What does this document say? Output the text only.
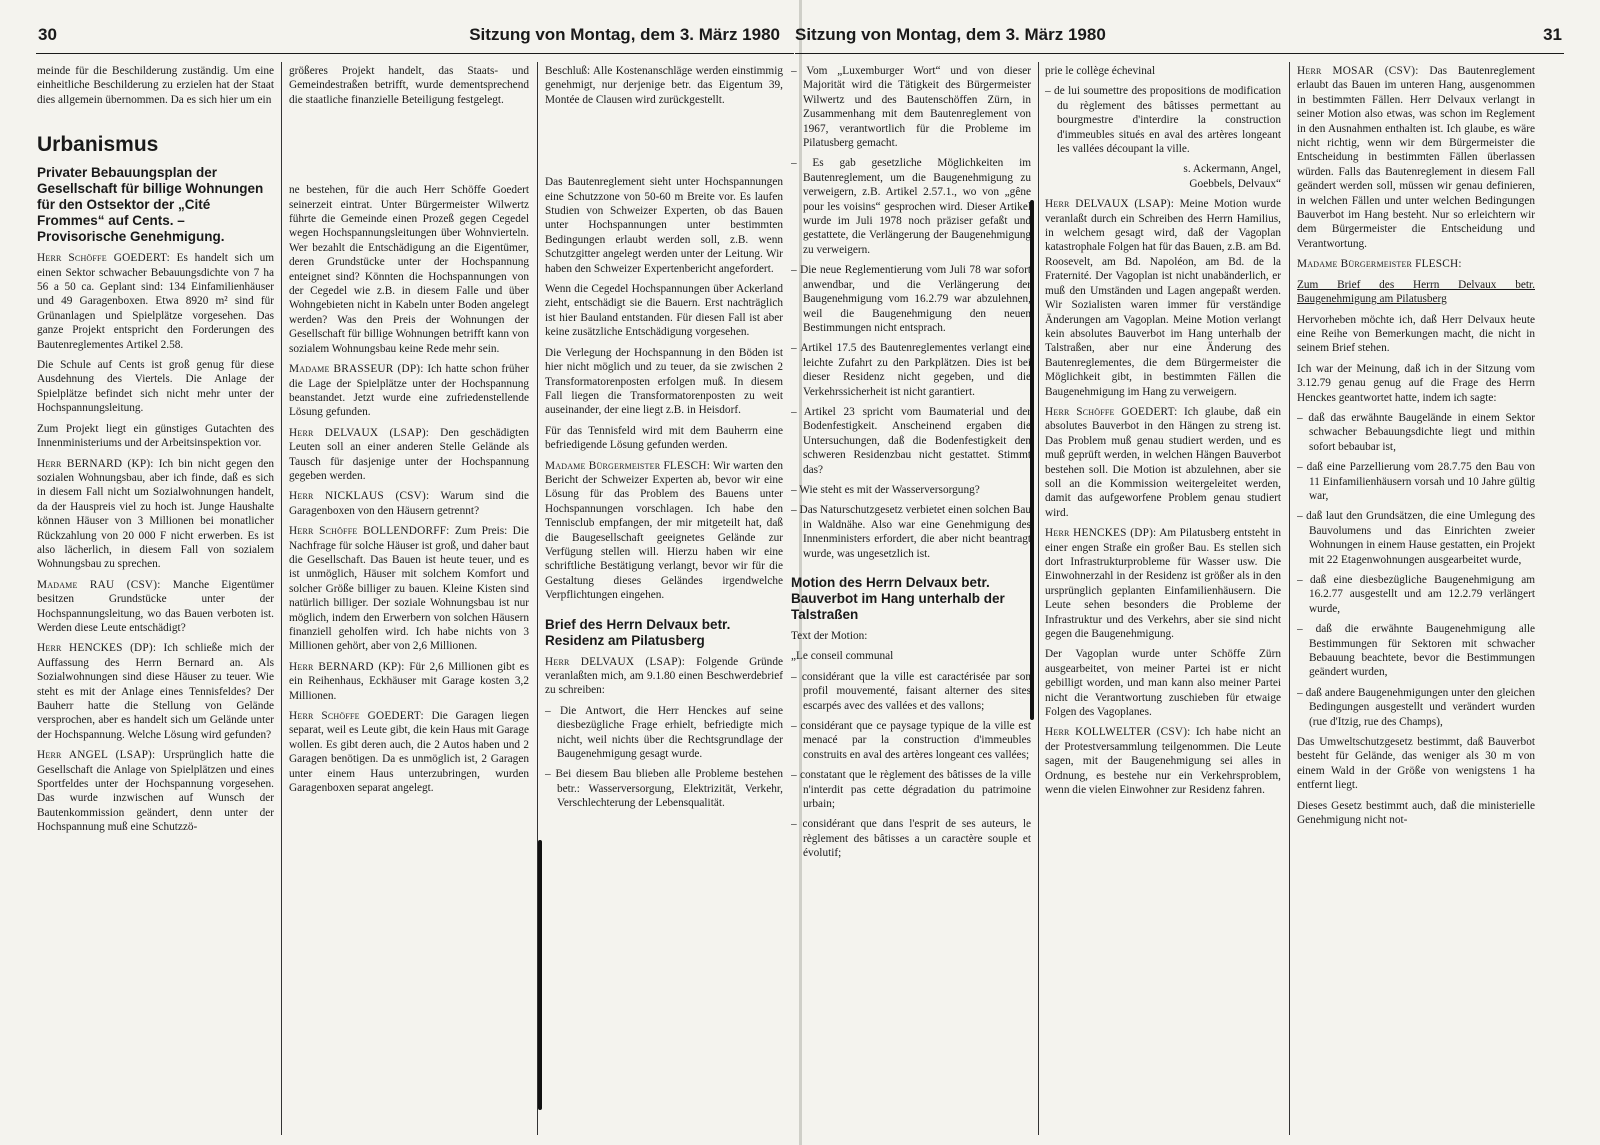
30	Sitzung von Montag, dem 3. März 1980

meinde für die Beschilderung zuständig. Um eine einheitliche Beschilderung zu erzielen hat der Staat dies allgemein übernommen. Da es sich hier um ein

Urbanismus
Privater Bebauungsplan der Gesellschaft für billige Wohnungen für den Ostsektor der „Cité Frommes“ auf Cents. – Provisorische Genehmigung.

Herr Schöffe GOEDERT: Es handelt sich um einen Sektor schwacher Bebauungsdichte von 7 ha 56 a 50 ca. Geplant sind: 134 Einfamilienhäuser und 49 Garagenboxen. Etwa 8920 m² sind für Grünanlagen und Spielplätze vorgesehen. Das ganze Projekt entspricht den Forderungen des Bautenreglementes Artikel 2.58.

Die Schule auf Cents ist groß genug für diese Ausdehnung des Viertels. Die Anlage der Spielplätze befindet sich nicht mehr unter der Hochspannungsleitung.

Zum Projekt liegt ein günstiges Gutachten des Innenministeriums und der Arbeitsinspektion vor.

Herr BERNARD (KP): Ich bin nicht gegen den sozialen Wohnungsbau, aber ich finde, daß es sich in diesem Fall nicht um Sozialwohnungen handelt, da der Hauspreis viel zu hoch ist. Junge Haushalte können Häuser von 3 Millionen bei monatlicher Rückzahlung von 20 000 F nicht erwerben. Es ist also lächerlich, in diesem Fall von sozialem Wohnungsbau zu sprechen.

Madame RAU (CSV): Manche Eigentümer besitzen Grundstücke unter der Hochspannungsleitung, wo das Bauen verboten ist. Werden diese Leute entschädigt?

Herr HENCKES (DP): Ich schließe mich der Auffassung des Herrn Bernard an. Als Sozialwohnungen sind diese Häuser zu teuer. Wie steht es mit der Anlage eines Tennisfeldes? Der Bauherr hatte die Stellung von Gelände versprochen, aber es handelt sich um Gelände unter der Hochspannung. Welche Lösung wird gefunden?

Herr ANGEL (LSAP): Ursprünglich hatte die Gesellschaft die Anlage von Spielplätzen und eines Sportfeldes unter der Hochspannung vorgesehen. Das wurde inzwischen auf Wunsch der Bautenkommission geändert, denn unter der Hochspannung muß eine Schutzzö-

größeres Projekt handelt, das Staats- und Gemeindestraßen betrifft, wurde dementsprechend die staatliche finanzielle Beteiligung festgelegt.

ne bestehen, für die auch Herr Schöffe Goedert seinerzeit eintrat. Unter Bürgermeister Wilwertz führte die Gemeinde einen Prozeß gegen Cegedel wegen Hochspannungsleitungen über Wohnvierteln. Wer bezahlt die Entschädigung an die Eigentümer, deren Grundstücke unter der Hochspannung enteignet sind? Könnten die Hochspannungen von der Cegedel wie z.B. in diesem Falle und über Wohngebieten nicht in Kabeln unter Boden angelegt werden? Was den Preis der Wohnungen der Gesellschaft für billige Wohnungen betrifft kann von sozialem Wohnungsbau keine Rede mehr sein.

Madame BRASSEUR (DP): Ich hatte schon früher die Lage der Spielplätze unter der Hochspannung beanstandet. Jetzt wurde eine zufriedenstellende Lösung gefunden.

Herr DELVAUX (LSAP): Den geschädigten Leuten soll an einer anderen Stelle Gelände als Tausch für dasjenige unter der Hochspannung gegeben werden.

Herr NICKLAUS (CSV): Warum sind die Garagenboxen von den Häusern getrennt?

Herr Schöffe BOLLENDORFF: Zum Preis: Die Nachfrage für solche Häuser ist groß, und daher baut die Gesellschaft. Das Bauen ist heute teuer, und es ist unmöglich, Häuser mit solchem Komfort und solcher Größe billiger zu bauen. Kleine Kisten sind natürlich billiger. Der soziale Wohnungsbau ist nur möglich, indem den Erwerbern von solchen Häusern finanziell geholfen wird. Ich habe nichts von 3 Millionen gehört, aber von 2,6 Millionen.

Herr BERNARD (KP): Für 2,6 Millionen gibt es ein Reihenhaus, Eckhäuser mit Garage kosten 3,2 Millionen.

Herr Schöffe GOEDERT: Die Garagen liegen separat, weil es Leute gibt, die kein Haus mit Garage wollen. Es gibt deren auch, die 2 Autos haben und 2 Garagen benötigen. Da es unmöglich ist, 2 Garagen unter einem Haus unterzubringen, wurden Garagenboxen separat angelegt.

Beschluß: Alle Kostenanschläge werden einstimmig genehmigt, nur derjenige betr. das Eigentum 39, Montée de Clausen wird zurückgestellt.

Das Bautenreglement sieht unter Hochspannungen eine Schutzzone von 50-60 m Breite vor. Es laufen Studien von Schweizer Experten, ob das Bauen unter Hochspannungen unter bestimmten Bedingungen erlaubt werden soll, z.B. wenn Schutzgitter angelegt werden unter der Leitung. Wir haben den Schweizer Expertenbericht angefordert.

Wenn die Cegedel Hochspannungen über Ackerland zieht, entschädigt sie die Bauern. Erst nachträglich ist hier Bauland entstanden. Für diesen Fall ist aber keine zusätzliche Entschädigung vorgesehen.

Die Verlegung der Hochspannung in den Böden ist hier nicht möglich und zu teuer, da sie zwischen 2 Transformatorenposten erfolgen muß. In diesem Fall liegen die Transformatorenposten zu weit auseinander, der eine liegt z.B. in Heisdorf.

Für das Tennisfeld wird mit dem Bauherrn eine befriedigende Lösung gefunden werden.

Madame Bürgermeister FLESCH: Wir warten den Bericht der Schweizer Experten ab, bevor wir eine Lösung für das Problem des Bauens unter Hochspannungen vorschlagen. Ich habe den Tennisclub empfangen, der mir mitgeteilt hat, daß die Baugesellschaft geeignetes Gelände zur Verfügung stellen will. Hierzu haben wir eine schriftliche Bestätigung verlangt, bevor wir für die Gestaltung dieses Geländes irgendwelche Verpflichtungen eingehen.

Brief des Herrn Delvaux betr. Residenz am Pilatusberg

Herr DELVAUX (LSAP): Folgende Gründe veranlaßten mich, am 9.1.80 einen Beschwerdebrief zu schreiben:

– Die Antwort, die Herr Henckes auf seine diesbezügliche Frage erhielt, befriedigte mich nicht, weil nichts über die Rechtsgrundlage der Baugenehmigung gesagt wurde.

– Bei diesem Bau blieben alle Probleme bestehen betr.: Wasserversorgung, Elektrizität, Verkehr, Verschlechterung der Lebensqualität.

Sitzung von Montag, dem 3. März 1980	31

– Vom „Luxemburger Wort“ und von dieser Majorität wird die Tätigkeit des Bürgermeister Wilwertz und des Bautenschöffen Zürn, in Zusammenhang mit dem Bautenreglement von 1967, verantwortlich für die Probleme im Pilatusberg gemacht.

– Es gab gesetzliche Möglichkeiten im Bautenreglement, um die Baugenehmigung zu verweigern, z.B. Artikel 2.57.1., wo von „gêne pour les voisins“ gesprochen wird. Dieser Artikel wurde im Juli 1978 noch präziser gefaßt und gestattete, die Verlängerung der Baugenehmigung zu verweigern.

– Die neue Reglementierung vom Juli 78 war sofort anwendbar, und die Verlängerung der Baugenehmigung vom 16.2.79 war abzulehnen, weil die Baugenehmigung den neuen Bestimmungen nicht entsprach.

– Artikel 17.5 des Bautenreglementes verlangt eine leichte Zufahrt zu den Parkplätzen. Dies ist bei dieser Residenz nicht gegeben, und die Verkehrssicherheit ist nicht garantiert.

– Artikel 23 spricht vom Baumaterial und der Bodenfestigkeit. Anscheinend ergaben die Untersuchungen, daß die Bodenfestigkeit den schweren Residenzbau nicht gestattet. Stimmt das?

– Wie steht es mit der Wasserversorgung?

– Das Naturschutzgesetz verbietet einen solchen Bau in Waldnähe. Also war eine Genehmigung des Innenministers erfordert, die aber nicht beantragt wurde, was ungesetzlich ist.

Motion des Herrn Delvaux betr. Bauverbot im Hang unterhalb der Talstraßen

Text der Motion:

„Le conseil communal

– considérant que la ville est caractérisée par son profil mouvementé, faisant alterner des sites escarpés avec des vallées et des vallons;

– considérant que ce paysage typique de la ville est menacé par la construction d'immeubles construits en aval des artères longeant ces vallées;

– constatant que le règlement des bâtisses de la ville n'interdit pas cette dégradation du patrimoine urbain;

– considérant que dans l'esprit de ses auteurs, le règlement des bâtisses a un caractère souple et évolutif;

prie le collège échevinal

– de lui soumettre des propositions de modification du règlement des bâtisses permettant au bourgmestre d'interdire la construction d'immeubles situés en aval des artères longeant les vallées découpant la ville.

s. Ackermann, Angel,

Goebbels, Delvaux“

Herr DELVAUX (LSAP): Meine Motion wurde veranlaßt durch ein Schreiben des Herrn Hamilius, in welchem gesagt wird, daß der Vagoplan katastrophale Folgen hat für das Bauen, z.B. am Bd. Roosevelt, am Bd. Napoléon, am Bd. de la Fraternité. Der Vagoplan ist nicht unabänderlich, er muß den Umständen und Lagen angepaßt werden. Wir Sozialisten waren immer für verständige Änderungen am Vagoplan. Meine Motion verlangt kein absolutes Bauverbot im Hang unterhalb der Talstraßen, aber nur eine Änderung des Bautenreglementes, die dem Bürgermeister die Möglichkeit gibt, in bestimmten Fällen die Baugenehmigung im Hang zu verweigern.

Herr Schöffe GOEDERT: Ich glaube, daß ein absolutes Bauverbot in den Hängen zu streng ist. Das Problem muß genau studiert werden, und es muß geprüft werden, in welchen Hängen Bauverbot bestehen soll. Die Motion ist abzulehnen, aber sie soll an die Kommission weitergeleitet werden, damit das aufgeworfene Problem genau studiert wird.

Herr HENCKES (DP): Am Pilatusberg entsteht in einer engen Straße ein großer Bau. Es stellen sich dort Infrastrukturprobleme für Wasser usw. Die Einwohnerzahl in der Residenz ist größer als in den ursprünglich geplanten Einfamilienhäusern. Die Leute sehen besonders die Probleme der Infrastruktur und des Verkehrs, aber sie sind nicht gegen die Baugenehmigung.

Der Vagoplan wurde unter Schöffe Zürn ausgearbeitet, von meiner Partei ist er nicht gebilligt worden, und man kann also meiner Partei nicht die Verantwortung zuschieben für etwaige Folgen des Vagoplanes.

Herr KOLLWELTER (CSV): Ich habe nicht an der Protestversammlung teilgenommen. Die Leute sagen, mit der Baugenehmigung sei alles in Ordnung, es bestehe nur ein Verkehrsproblem, wenn die vielen Einwohner zur Residenz fahren.

Herr MOSAR (CSV): Das Bautenreglement erlaubt das Bauen im unteren Hang, ausgenommen in bestimmten Fällen. Herr Delvaux verlangt in seiner Motion also etwas, was schon im Reglement in den Ausnahmen enthalten ist. Ich glaube, es wäre nicht richtig, wenn wir dem Bürgermeister die Entscheidung in bestimmten Fällen überlassen würden. Falls das Bautenreglement in diesem Fall geändert werden soll, müssen wir genau definieren, in welchen Fällen und unter welchen Bedingungen Bauverbot im Hang besteht. Nur so erleichtern wir dem Bürgermeister die Entscheidung und Verantwortung.

Madame Bürgermeister FLESCH:

Zum Brief des Herrn Delvaux betr. Baugenehmigung am Pilatusberg

Hervorheben möchte ich, daß Herr Delvaux heute eine Reihe von Bemerkungen macht, die nicht in seinem Brief stehen.

Ich war der Meinung, daß ich in der Sitzung vom 3.12.79 genau genug auf die Frage des Herrn Henckes geantwortet hatte, indem ich sagte:

– daß das erwähnte Baugelände in einem Sektor schwacher Bebauungsdichte liegt und mithin sofort bebaubar ist,

– daß eine Parzellierung vom 28.7.75 den Bau von 11 Einfamilienhäusern vorsah und 10 Jahre gültig war,

– daß laut den Grundsätzen, die eine Umlegung des Bauvolumens und das Einrichten zweier Wohnungen in einem Hause gestatten, ein Projekt mit 22 Etagenwohnungen ausgearbeitet wurde,

– daß eine diesbezügliche Baugenehmigung am 16.2.77 ausgestellt und am 12.2.79 verlängert wurde,

– daß die erwähnte Baugenehmigung alle Bestimmungen für Sektoren mit schwacher Bebauung beachtete, bevor die Bestimmungen geändert wurden,

– daß andere Baugenehmigungen unter den gleichen Bedingungen ausgestellt und verändert wurden (rue d'Itzig, rue des Champs),

Das Umweltschutzgesetz bestimmt, daß Bauverbot besteht für Gelände, das weniger als 30 m von einem Wald in der Größe von wenigstens 1 ha entfernt liegt.

Dieses Gesetz bestimmt auch, daß die ministerielle Genehmigung nicht not-
